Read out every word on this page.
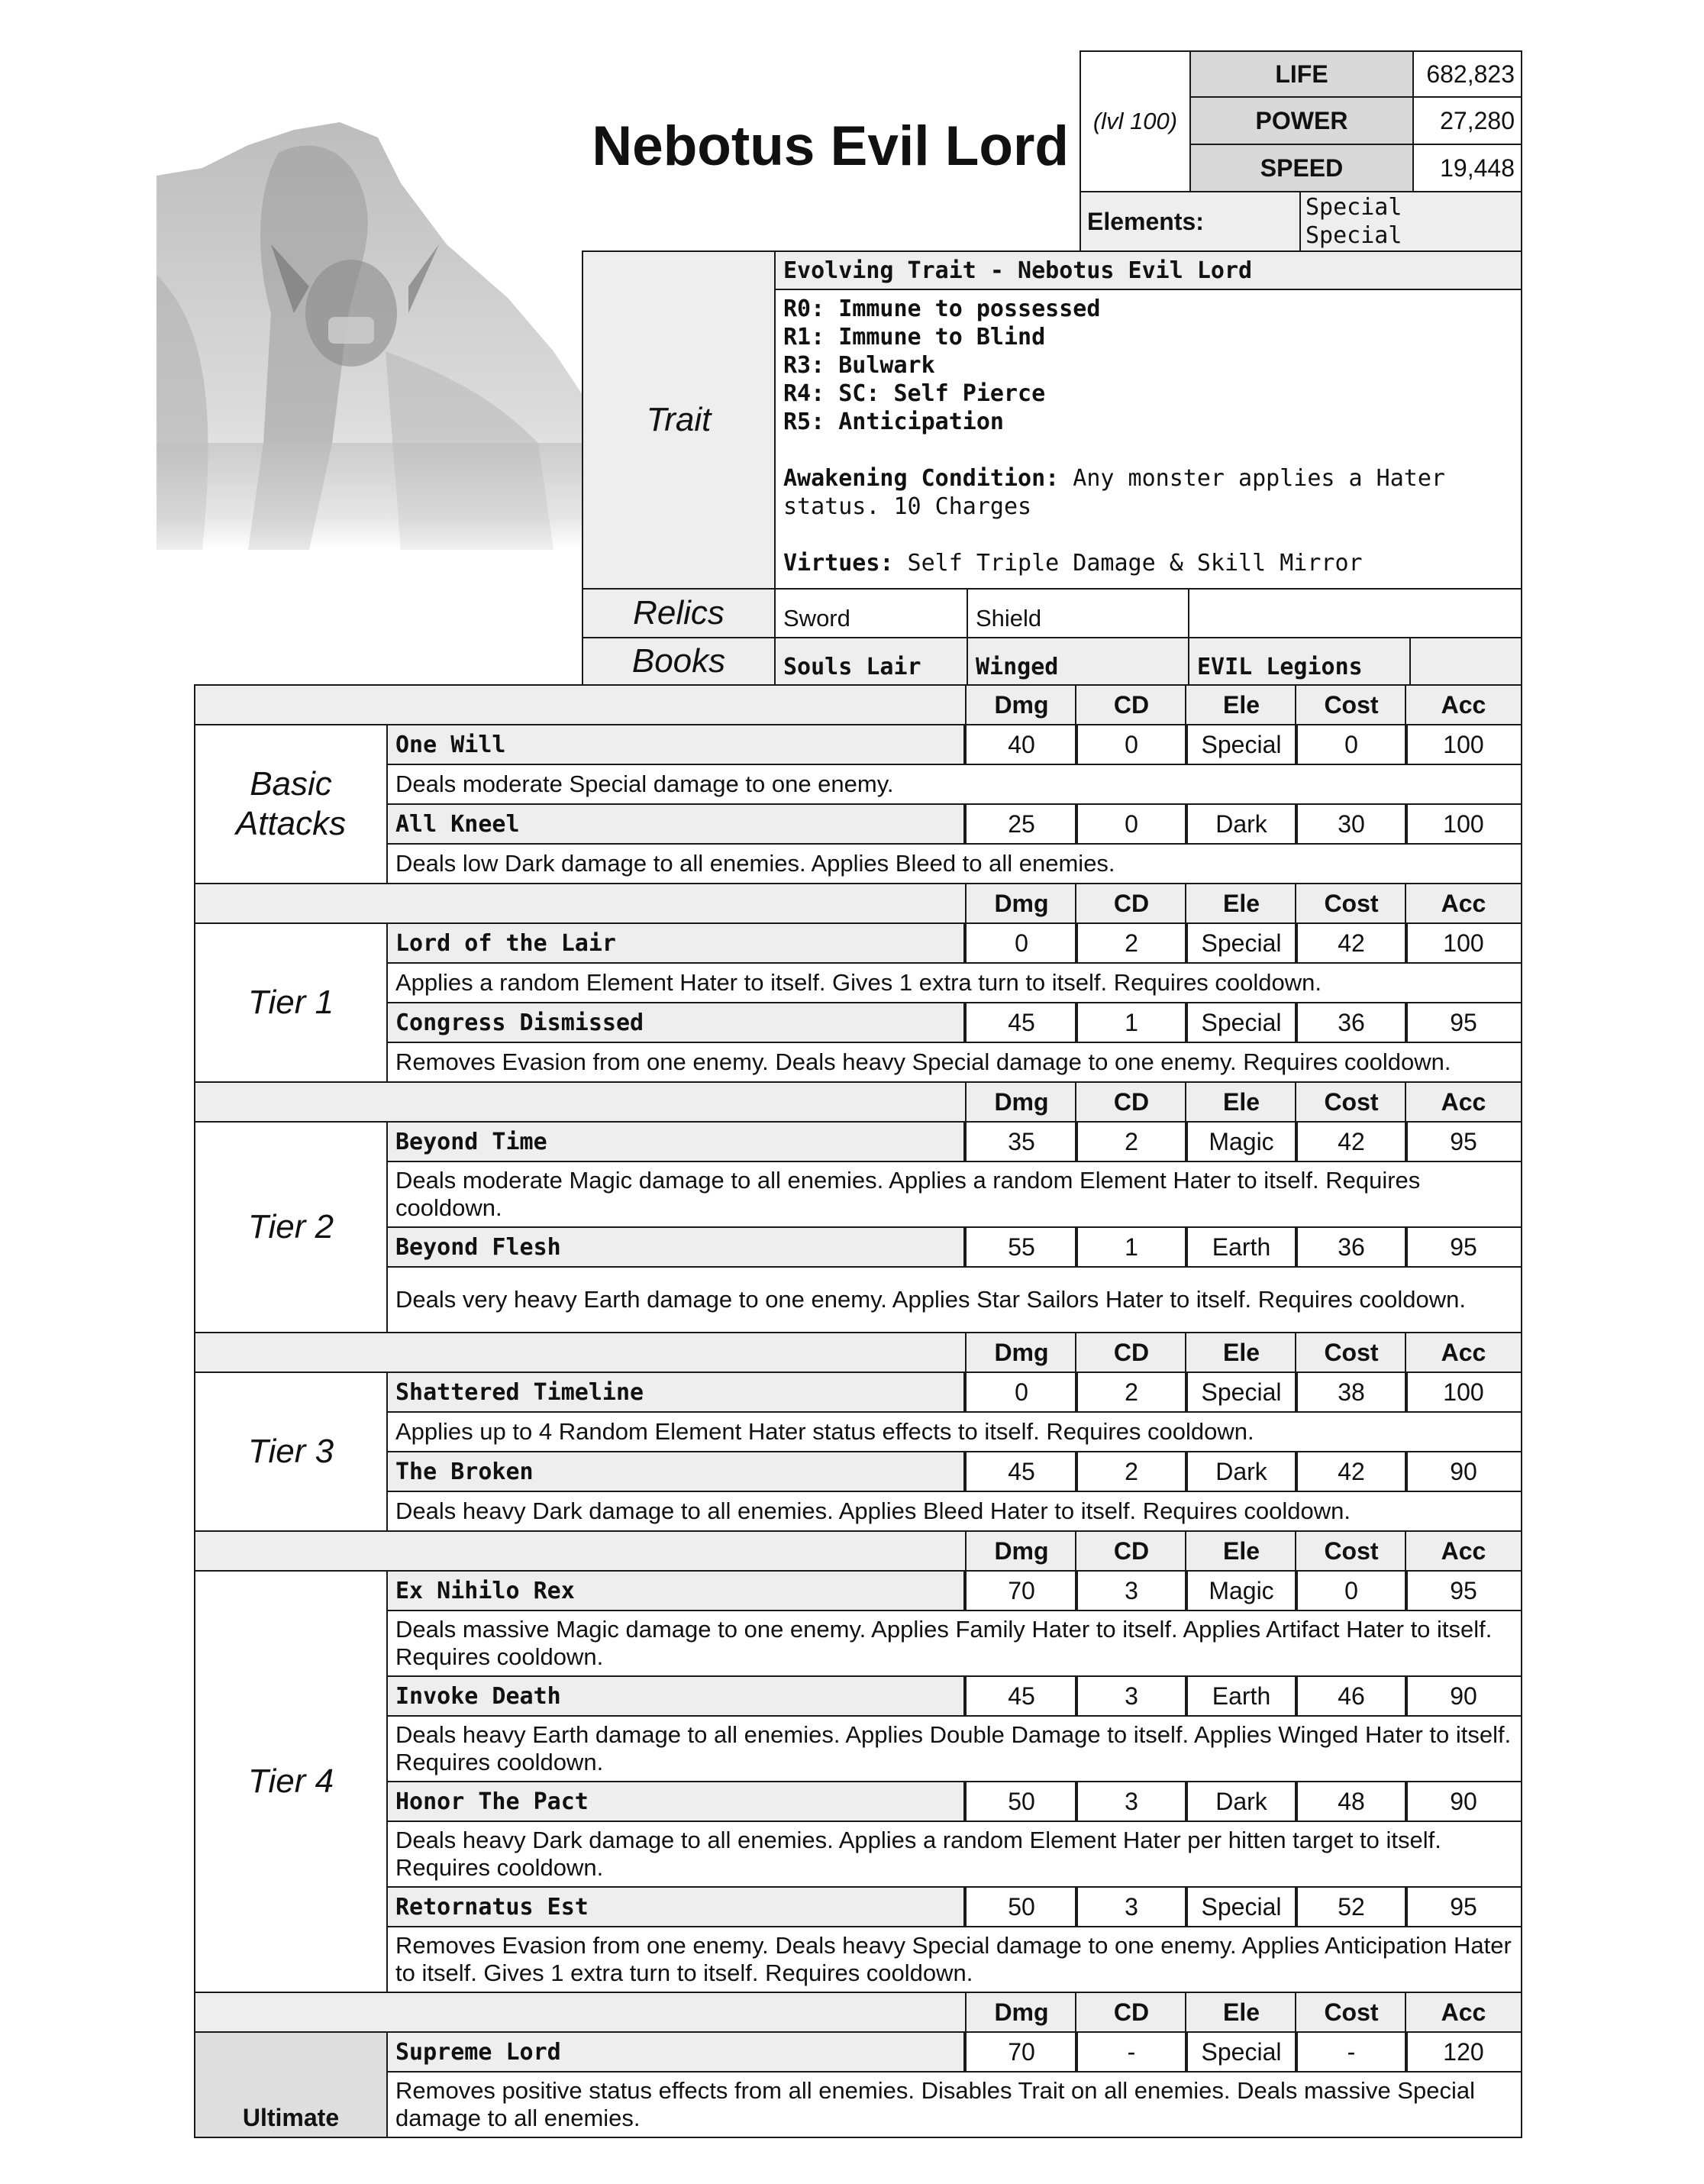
Nebotus Evil Lord	(lvl 100)
LIFE	682,823
POWER	27,280
SPEED	19,448
Elements:	Special
Special
Trait
Evolving Trait - Nebotus Evil Lord
R0: Immune to possessed
R1: Immune to Blind
R3: Bulwark
R4: SC: Self Pierce
R5: Anticipation
Awakening Condition: Any monster applies a Hater status. 10 Charges
Virtues: Self Triple Damage & Skill Mirror
Relics	Sword	Shield
Books	Souls Lair	Winged	EVIL Legions
Dmg	CD	Ele	Cost	Acc
One Will	40	0	Special	0	100
Deals moderate Special damage to one enemy.
All Kneel	25	0	Dark	30	100
Deals low Dark damage to all enemies. Applies Bleed to all enemies.
Basic Attacks
Dmg	CD	Ele	Cost	Acc
Lord of the Lair	0	2	Special	42	100
Applies a random Element Hater to itself. Gives 1 extra turn to itself. Requires cooldown.
Congress Dismissed	45	1	Special	36	95
Removes Evasion from one enemy. Deals heavy Special damage to one enemy. Requires cooldown.
Tier 1
Dmg	CD	Ele	Cost	Acc
Beyond Time	35	2	Magic	42	95
Deals moderate Magic damage to all enemies. Applies a random Element Hater to itself. Requires cooldown.
Beyond Flesh	55	1	Earth	36	95
Deals very heavy Earth damage to one enemy. Applies Star Sailors Hater to itself. Requires cooldown.
Tier 2
Dmg	CD	Ele	Cost	Acc
Shattered Timeline	0	2	Special	38	100
Applies up to 4 Random Element Hater status effects to itself. Requires cooldown.
The Broken	45	2	Dark	42	90
Deals heavy Dark damage to all enemies. Applies Bleed Hater to itself. Requires cooldown.
Tier 3
Dmg	CD	Ele	Cost	Acc
Ex Nihilo Rex	70	3	Magic	0	95
Deals massive Magic damage to one enemy. Applies Family Hater to itself. Applies Artifact Hater to itself. Requires cooldown.
Invoke Death	45	3	Earth	46	90
Deals heavy Earth damage to all enemies. Applies Double Damage to itself. Applies Winged Hater to itself. Requires cooldown.
Honor The Pact	50	3	Dark	48	90
Deals heavy Dark damage to all enemies. Applies a random Element Hater per hitten target to itself. Requires cooldown.
Retornatus Est	50	3	Special	52	95
Removes Evasion from one enemy. Deals heavy Special damage to one enemy. Applies Anticipation Hater to itself. Gives 1 extra turn to itself. Requires cooldown.
Tier 4
Dmg	CD	Ele	Cost	Acc
Supreme Lord	70	-	Special	-	120
Removes positive status effects from all enemies. Disables Trait on all enemies. Deals massive Special damage to all enemies.
Ultimate
